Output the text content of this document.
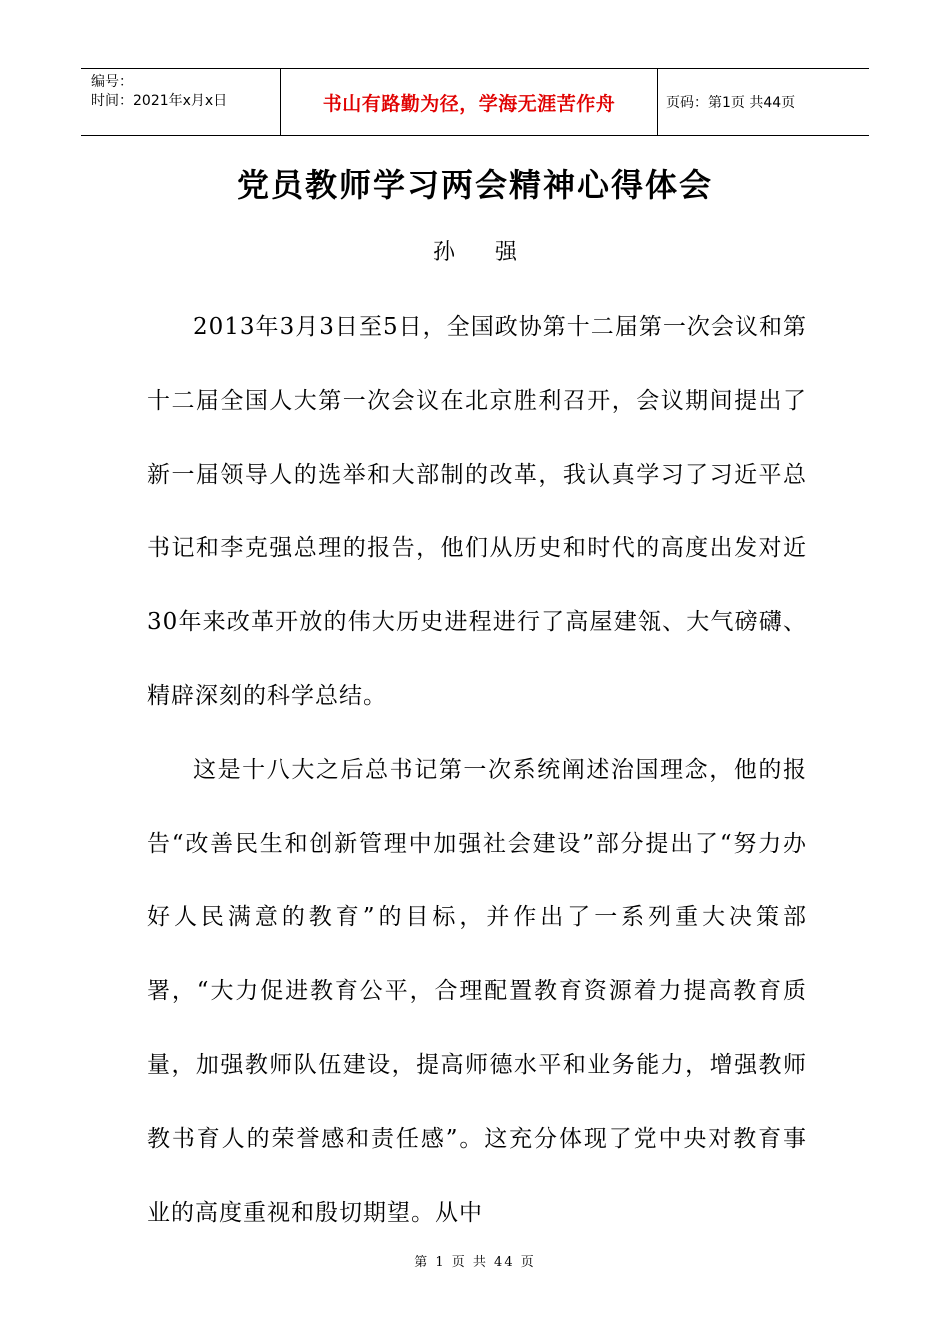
编号：
时间：2021年x月x日	书山有路勤为径，学海无涯苦作舟	页码：第1页 共44页
党员教师学习两会精神心得体会
孙强

2013年3月3日至5日，全国政协第十二届第一次会议和第十二届全国人大第一次会议在北京胜利召开，会议期间提出了新一届领导人的选举和大部制的改革，我认真学习了习近平总书记和李克强总理的报告，他们从历史和时代的高度出发对近30年来改革开放的伟大历史进程进行了高屋建瓴、大气磅礴、精辟深刻的科学总结。

这是十八大之后总书记第一次系统阐述治国理念，他的报告“改善民生和创新管理中加强社会建设”部分提出了“努力办好人民满意的教育”的目标，并作出了一系列重大决策部署，“大力促进教育公平，合理配置教育资源着力提高教育质量，加强教师队伍建设，提高师德水平和业务能力，增强教师教书育人的荣誉感和责任感”。这充分体现了党中央对教育事业的高度重视和殷切期望。从中

第 1 页 共 44 页
